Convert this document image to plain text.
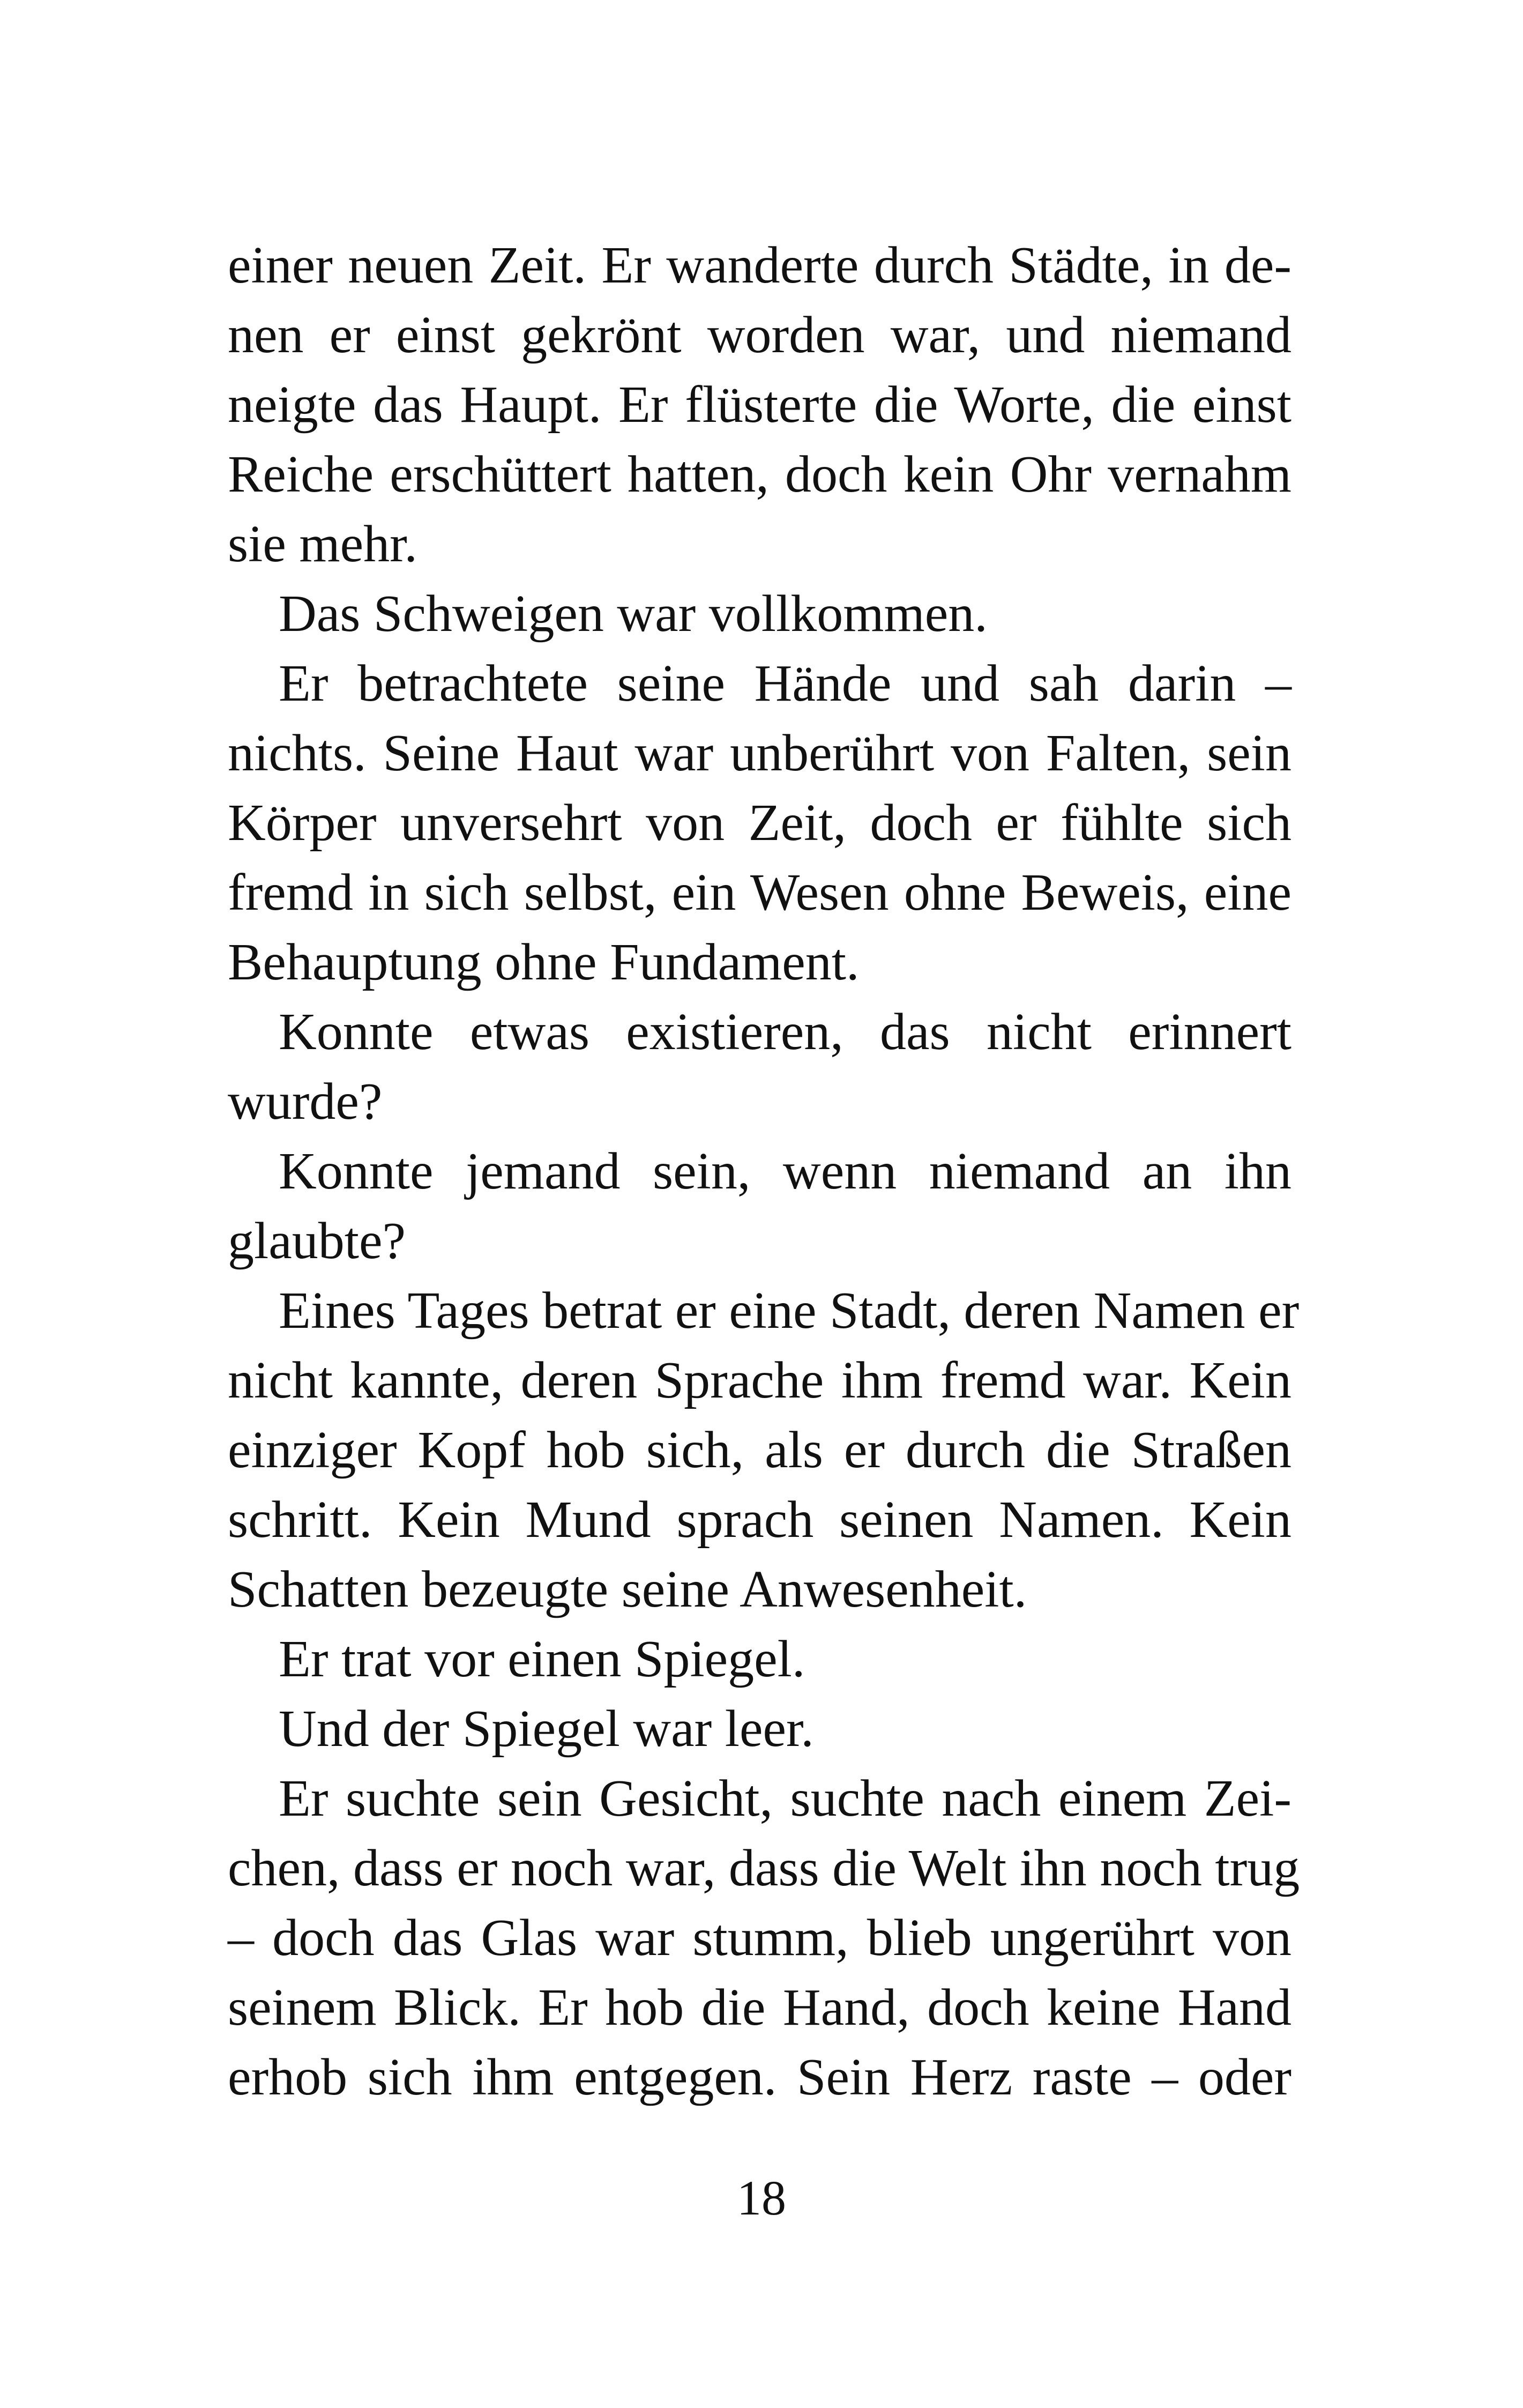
einer neuen Zeit. Er wanderte durch Städte, in de-
nen er einst gekrönt worden war, und niemand
neigte das Haupt. Er flüsterte die Worte, die einst
Reiche erschüttert hatten, doch kein Ohr vernahm
sie mehr.
Das Schweigen war vollkommen.
Er betrachtete seine Hände und sah darin –
nichts. Seine Haut war unberührt von Falten, sein
Körper unversehrt von Zeit, doch er fühlte sich
fremd in sich selbst, ein Wesen ohne Beweis, eine
Behauptung ohne Fundament.
Konnte etwas existieren, das nicht erinnert
wurde?
Konnte jemand sein, wenn niemand an ihn
glaubte?
Eines Tages betrat er eine Stadt, deren Namen er
nicht kannte, deren Sprache ihm fremd war. Kein
einziger Kopf hob sich, als er durch die Straßen
schritt. Kein Mund sprach seinen Namen. Kein
Schatten bezeugte seine Anwesenheit.
Er trat vor einen Spiegel.
Und der Spiegel war leer.
Er suchte sein Gesicht, suchte nach einem Zei-
chen, dass er noch war, dass die Welt ihn noch trug
– doch das Glas war stumm, blieb ungerührt von
seinem Blick. Er hob die Hand, doch keine Hand
erhob sich ihm entgegen. Sein Herz raste – oder
18
